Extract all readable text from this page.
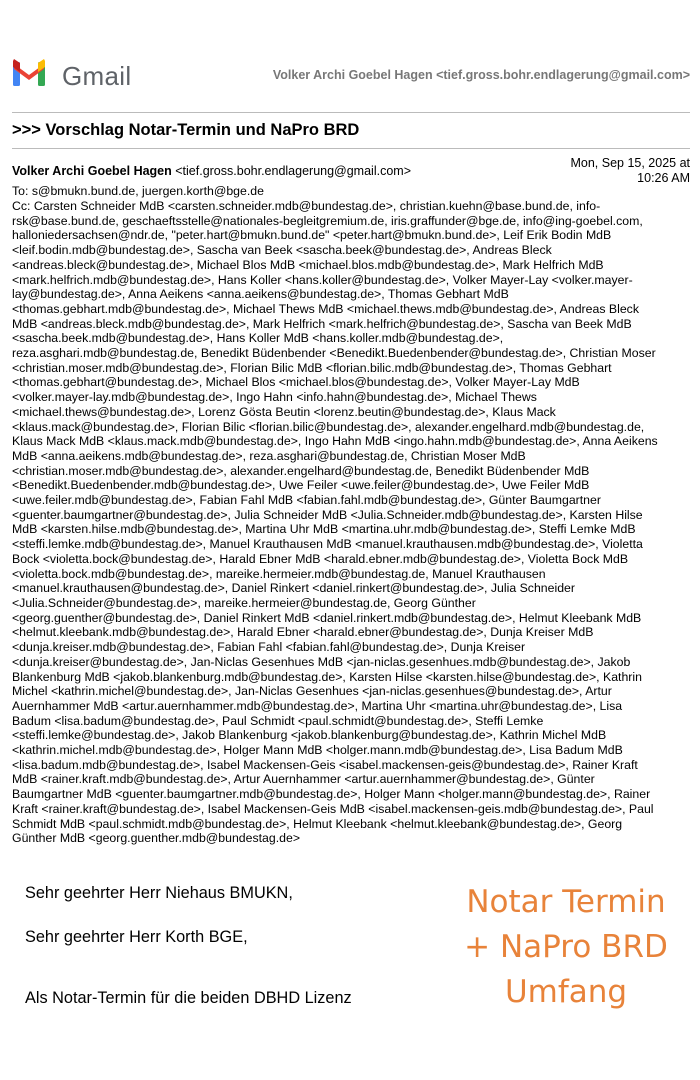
Gmail	Volker Archi Goebel Hagen <tief.gross.bohr.endlagerung@gmail.com>
>>> Vorschlag Notar-Termin und NaPro BRD
Volker Archi Goebel Hagen <tief.gross.bohr.endlagerung@gmail.com>
Mon, Sep 15, 2025 at
10:26 AM
To: s@bmukn.bund.de, juergen.korth@bge.de
Cc: Carsten Schneider MdB <carsten.schneider.mdb@bundestag.de>, christian.kuehn@base.bund.de, info-
rsk@base.bund.de, geschaeftsstelle@nationales-begleitgremium.de, iris.graffunder@bge.de, info@ing-goebel.com,
halloniedersachsen@ndr.de, "peter.hart@bmukn.bund.de" <peter.hart@bmukn.bund.de>, Leif Erik Bodin MdB
<leif.bodin.mdb@bundestag.de>, Sascha van Beek <sascha.beek@bundestag.de>, Andreas Bleck
<andreas.bleck@bundestag.de>, Michael Blos MdB <michael.blos.mdb@bundestag.de>, Mark Helfrich MdB
<mark.helfrich.mdb@bundestag.de>, Hans Koller <hans.koller@bundestag.de>, Volker Mayer-Lay <volker.mayer-
lay@bundestag.de>, Anna Aeikens <anna.aeikens@bundestag.de>, Thomas Gebhart MdB
<thomas.gebhart.mdb@bundestag.de>, Michael Thews MdB <michael.thews.mdb@bundestag.de>, Andreas Bleck
MdB <andreas.bleck.mdb@bundestag.de>, Mark Helfrich <mark.helfrich@bundestag.de>, Sascha van Beek MdB
<sascha.beek.mdb@bundestag.de>, Hans Koller MdB <hans.koller.mdb@bundestag.de>,
reza.asghari.mdb@bundestag.de, Benedikt Büdenbender <Benedikt.Buedenbender@bundestag.de>, Christian Moser
<christian.moser.mdb@bundestag.de>, Florian Bilic MdB <florian.bilic.mdb@bundestag.de>, Thomas Gebhart
<thomas.gebhart@bundestag.de>, Michael Blos <michael.blos@bundestag.de>, Volker Mayer-Lay MdB
<volker.mayer-lay.mdb@bundestag.de>, Ingo Hahn <info.hahn@bundestag.de>, Michael Thews
<michael.thews@bundestag.de>, Lorenz Gösta Beutin <lorenz.beutin@bundestag.de>, Klaus Mack
<klaus.mack@bundestag.de>, Florian Bilic <florian.bilic@bundestag.de>, alexander.engelhard.mdb@bundestag.de,
Klaus Mack MdB <klaus.mack.mdb@bundestag.de>, Ingo Hahn MdB <ingo.hahn.mdb@bundestag.de>, Anna Aeikens
MdB <anna.aeikens.mdb@bundestag.de>, reza.asghari@bundestag.de, Christian Moser MdB
<christian.moser.mdb@bundestag.de>, alexander.engelhard@bundestag.de, Benedikt Büdenbender MdB
<Benedikt.Buedenbender.mdb@bundestag.de>, Uwe Feiler <uwe.feiler@bundestag.de>, Uwe Feiler MdB
<uwe.feiler.mdb@bundestag.de>, Fabian Fahl MdB <fabian.fahl.mdb@bundestag.de>, Günter Baumgartner
<guenter.baumgartner@bundestag.de>, Julia Schneider MdB <Julia.Schneider.mdb@bundestag.de>, Karsten Hilse
MdB <karsten.hilse.mdb@bundestag.de>, Martina Uhr MdB <martina.uhr.mdb@bundestag.de>, Steffi Lemke MdB
<steffi.lemke.mdb@bundestag.de>, Manuel Krauthausen MdB <manuel.krauthausen.mdb@bundestag.de>, Violetta
Bock <violetta.bock@bundestag.de>, Harald Ebner MdB <harald.ebner.mdb@bundestag.de>, Violetta Bock MdB
<violetta.bock.mdb@bundestag.de>, mareike.hermeier.mdb@bundestag.de, Manuel Krauthausen
<manuel.krauthausen@bundestag.de>, Daniel Rinkert <daniel.rinkert@bundestag.de>, Julia Schneider
<Julia.Schneider@bundestag.de>, mareike.hermeier@bundestag.de, Georg Günther
<georg.guenther@bundestag.de>, Daniel Rinkert MdB <daniel.rinkert.mdb@bundestag.de>, Helmut Kleebank MdB
<helmut.kleebank.mdb@bundestag.de>, Harald Ebner <harald.ebner@bundestag.de>, Dunja Kreiser MdB
<dunja.kreiser.mdb@bundestag.de>, Fabian Fahl <fabian.fahl@bundestag.de>, Dunja Kreiser
<dunja.kreiser@bundestag.de>, Jan-Niclas Gesenhues MdB <jan-niclas.gesenhues.mdb@bundestag.de>, Jakob
Blankenburg MdB <jakob.blankenburg.mdb@bundestag.de>, Karsten Hilse <karsten.hilse@bundestag.de>, Kathrin
Michel <kathrin.michel@bundestag.de>, Jan-Niclas Gesenhues <jan-niclas.gesenhues@bundestag.de>, Artur
Auernhammer MdB <artur.auernhammer.mdb@bundestag.de>, Martina Uhr <martina.uhr@bundestag.de>, Lisa
Badum <lisa.badum@bundestag.de>, Paul Schmidt <paul.schmidt@bundestag.de>, Steffi Lemke
<steffi.lemke@bundestag.de>, Jakob Blankenburg <jakob.blankenburg@bundestag.de>, Kathrin Michel MdB
<kathrin.michel.mdb@bundestag.de>, Holger Mann MdB <holger.mann.mdb@bundestag.de>, Lisa Badum MdB
<lisa.badum.mdb@bundestag.de>, Isabel Mackensen-Geis <isabel.mackensen-geis@bundestag.de>, Rainer Kraft
MdB <rainer.kraft.mdb@bundestag.de>, Artur Auernhammer <artur.auernhammer@bundestag.de>, Günter
Baumgartner MdB <guenter.baumgartner.mdb@bundestag.de>, Holger Mann <holger.mann@bundestag.de>, Rainer
Kraft <rainer.kraft@bundestag.de>, Isabel Mackensen-Geis MdB <isabel.mackensen-geis.mdb@bundestag.de>, Paul
Schmidt MdB <paul.schmidt.mdb@bundestag.de>, Helmut Kleebank <helmut.kleebank@bundestag.de>, Georg
Günther MdB <georg.guenther.mdb@bundestag.de>
Sehr geehrter Herr Niehaus BMUKN,
Sehr geehrter Herr Korth BGE,
Als Notar-Termin für die beiden DBHD Lizenz
Notar Termin
+ NaPro BRD
Umfang
